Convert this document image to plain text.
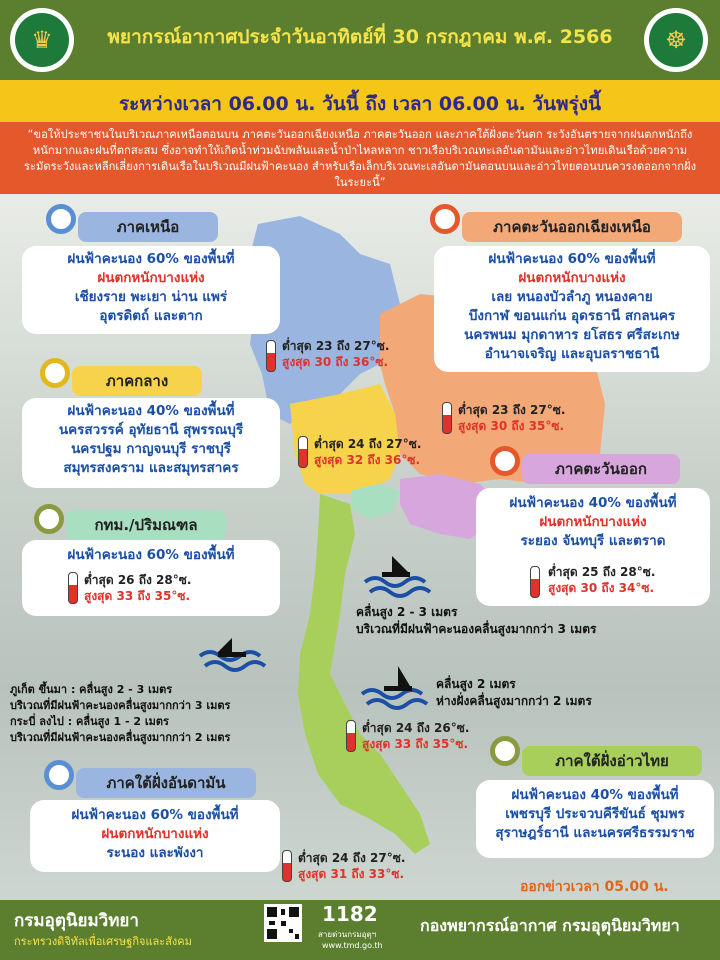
♛	พยากรณ์อากาศประจำวันอาทิตย์ที่ 30 กรกฎาคม พ.ศ. 2566	☸
ระหว่างเวลา 06.00 น. วันนี้ ถึง เวลา 06.00 น. วันพรุ่งนี้
“ขอให้ประชาชนในบริเวณภาคเหนือตอนบน ภาคตะวันออกเฉียงเหนือ ภาคตะวันออก และภาคใต้ฝั่งตะวันตก ระวังอันตรายจากฝนตกหนักถึงหนักมากและฝนที่ตกสะสม ซึ่งอาจทำให้เกิดน้ำท่วมฉับพลันและน้ำป่าไหลหลาก ชาวเรือบริเวณทะเลอันดามันและอ่าวไทยเดินเรือด้วยความระมัดระวังและหลีกเลี่ยงการเดินเรือในบริเวณมีฝนฟ้าคะนอง สำหรับเรือเล็กบริเวณทะเลอันดามันตอนบนและอ่าวไทยตอนบนควรงดออกจากฝั่งในระยะนี้”
ภาคเหนือ
ฝนฟ้าคะนอง 60% ของพื้นที่
ฝนตกหนักบางแห่ง
เชียงราย พะเยา น่าน แพร่
อุตรดิตถ์ และตาก
ต่ำสุด 23 ถึง 27°ซ.
สูงสุด 30 ถึง 36°ซ.
ภาคตะวันออกเฉียงเหนือ
ฝนฟ้าคะนอง 60% ของพื้นที่
ฝนตกหนักบางแห่ง
เลย หนองบัวลำภู หนองคาย
บึงกาฬ ขอนแก่น อุดรธานี สกลนคร
นครพนม มุกดาหาร ยโสธร ศรีสะเกษ
อำนาจเจริญ และอุบลราชธานี
ต่ำสุด 23 ถึง 27°ซ.
สูงสุด 30 ถึง 35°ซ.
ภาคกลาง
ฝนฟ้าคะนอง 40% ของพื้นที่
นครสวรรค์ อุทัยธานี สุพรรณบุรี
นครปฐม กาญจนบุรี ราชบุรี
สมุทรสงคราม และสมุทรสาคร
ต่ำสุด 24 ถึง 27°ซ.
สูงสุด 32 ถึง 36°ซ.	ภาคตะวันออก
ฝนฟ้าคะนอง 40% ของพื้นที่
ฝนตกหนักบางแห่ง
ระยอง จันทบุรี และตราด
ต่ำสุด 25 ถึง 28°ซ.
สูงสุด 30 ถึง 34°ซ.
กทม./ปริมณฑล
ฝนฟ้าคะนอง 60% ของพื้นที่
ต่ำสุด 26 ถึง 28°ซ.
สูงสุด 33 ถึง 35°ซ.
คลื่นสูง 2 - 3 เมตร
บริเวณที่มีฝนฟ้าคะนองคลื่นสูงมากกว่า 3 เมตร
ภูเก็ต ขึ้นมา : คลื่นสูง 2 - 3 เมตร
บริเวณที่มีฝนฟ้าคะนองคลื่นสูงมากกว่า 3 เมตร
กระบี่ ลงไป : คลื่นสูง 1 - 2 เมตร
บริเวณที่มีฝนฟ้าคะนองคลื่นสูงมากกว่า 2 เมตร
คลื่นสูง 2 เมตร
ห่างฝั่งคลื่นสูงมากกว่า 2 เมตร
ต่ำสุด 24 ถึง 26°ซ.
สูงสุด 33 ถึง 35°ซ.
ภาคใต้ฝั่งอ่าวไทย
ฝนฟ้าคะนอง 40% ของพื้นที่
เพชรบุรี ประจวบคีรีขันธ์ ชุมพร
สุราษฎร์ธานี และนครศรีธรรมราช
ภาคใต้ฝั่งอันดามัน
ฝนฟ้าคะนอง 60% ของพื้นที่
ฝนตกหนักบางแห่ง
ระนอง และพังงา	ต่ำสุด 24 ถึง 27°ซ.
สูงสุด 31 ถึง 33°ซ.
ออกข่าวเวลา 05.00 น.
กรมอุตุนิยมวิทยา
กระทรวงดิจิทัลเพื่อเศรษฐกิจและสังคม
1182
สายด่วนกรมอุตุฯ
www.tmd.go.th
กองพยากรณ์อากาศ กรมอุตุนิยมวิทยา
